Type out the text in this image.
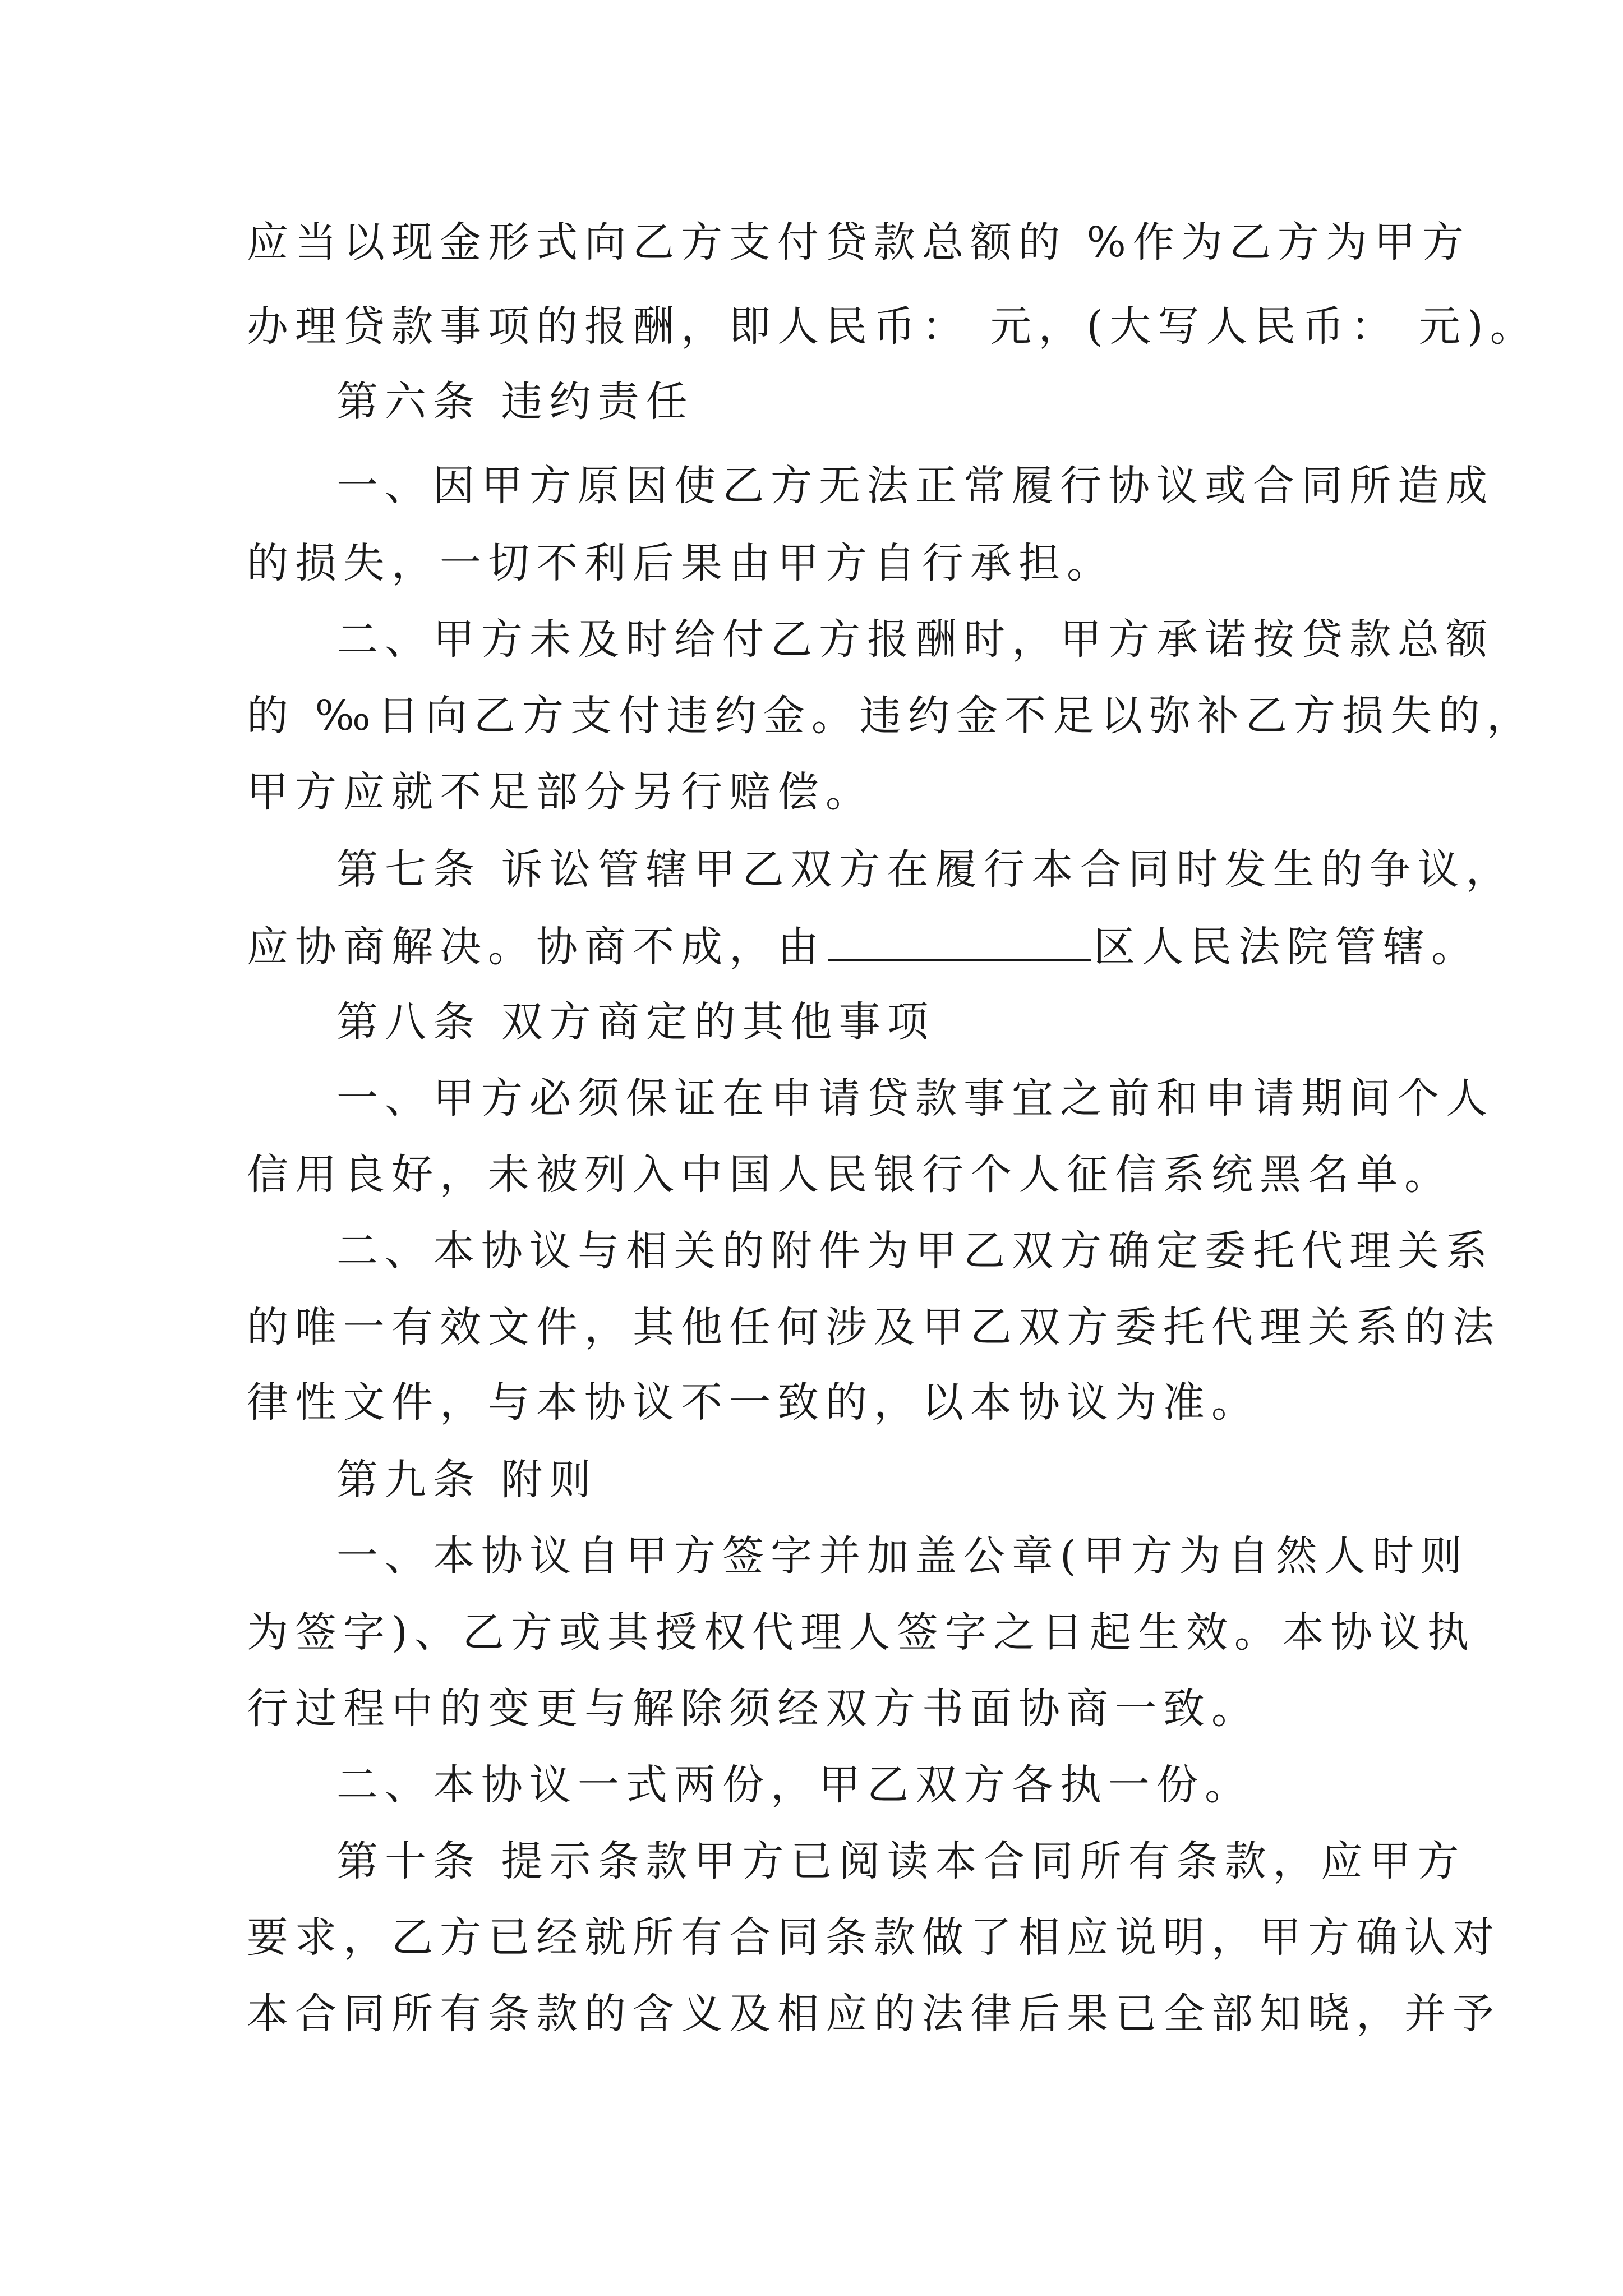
应当以现金形式向乙方支付贷款总额的 %作为乙方为甲方
办理贷款事项的报酬，即人民币： 元，(大写人民币： 元)。
第六条 违约责任
一、因甲方原因使乙方无法正常履行协议或合同所造成
的损失，一切不利后果由甲方自行承担。
二、甲方未及时给付乙方报酬时，甲方承诺按贷款总额
的 ‰日向乙方支付违约金。违约金不足以弥补乙方损失的，
甲方应就不足部分另行赔偿。
第七条 诉讼管辖甲乙双方在履行本合同时发生的争议，
应协商解决。协商不成，由	区人民法院管辖。
第八条 双方商定的其他事项
一、甲方必须保证在申请贷款事宜之前和申请期间个人
信用良好，未被列入中国人民银行个人征信系统黑名单。
二、本协议与相关的附件为甲乙双方确定委托代理关系
的唯一有效文件，其他任何涉及甲乙双方委托代理关系的法
律性文件，与本协议不一致的，以本协议为准。
第九条 附则
一、本协议自甲方签字并加盖公章(甲方为自然人时则
为签字)、乙方或其授权代理人签字之日起生效。本协议执
行过程中的变更与解除须经双方书面协商一致。
二、本协议一式两份，甲乙双方各执一份。
第十条 提示条款甲方已阅读本合同所有条款，应甲方
要求，乙方已经就所有合同条款做了相应说明，甲方确认对
本合同所有条款的含义及相应的法律后果已全部知晓，并予
